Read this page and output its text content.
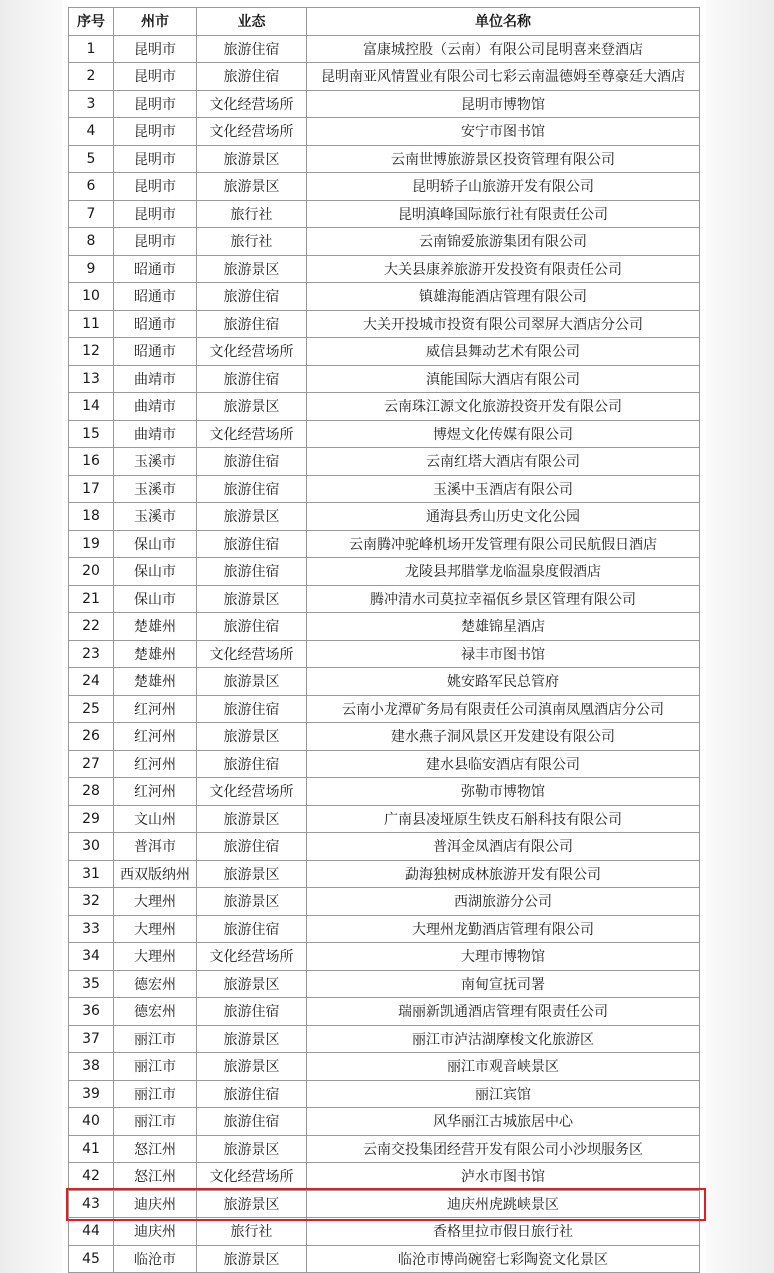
序号	州市	业态	单位名称
1	昆明市	旅游住宿	富康城控股（云南）有限公司昆明喜来登酒店
2	昆明市	旅游住宿	昆明南亚风情置业有限公司七彩云南温德姆至尊豪廷大酒店
3	昆明市	文化经营场所	昆明市博物馆
4	昆明市	文化经营场所	安宁市图书馆
5	昆明市	旅游景区	云南世博旅游景区投资管理有限公司
6	昆明市	旅游景区	昆明轿子山旅游开发有限公司
7	昆明市	旅行社	昆明滇峰国际旅行社有限责任公司
8	昆明市	旅行社	云南锦爱旅游集团有限公司
9	昭通市	旅游景区	大关县康养旅游开发投资有限责任公司
10	昭通市	旅游住宿	镇雄海能酒店管理有限公司
11	昭通市	旅游住宿	大关开投城市投资有限公司翠屏大酒店分公司
12	昭通市	文化经营场所	威信县舞动艺术有限公司
13	曲靖市	旅游住宿	滇能国际大酒店有限公司
14	曲靖市	旅游景区	云南珠江源文化旅游投资开发有限公司
15	曲靖市	文化经营场所	博煜文化传媒有限公司
16	玉溪市	旅游住宿	云南红塔大酒店有限公司
17	玉溪市	旅游住宿	玉溪中玉酒店有限公司
18	玉溪市	旅游景区	通海县秀山历史文化公园
19	保山市	旅游住宿	云南腾冲驼峰机场开发管理有限公司民航假日酒店
20	保山市	旅游住宿	龙陵县邦腊掌龙临温泉度假酒店
21	保山市	旅游景区	腾冲清水司莫拉幸福佤乡景区管理有限公司
22	楚雄州	旅游住宿	楚雄锦星酒店
23	楚雄州	文化经营场所	禄丰市图书馆
24	楚雄州	旅游景区	姚安路军民总管府
25	红河州	旅游住宿	云南小龙潭矿务局有限责任公司滇南凤凰酒店分公司
26	红河州	旅游景区	建水燕子洞风景区开发建设有限公司
27	红河州	旅游住宿	建水县临安酒店有限公司
28	红河州	文化经营场所	弥勒市博物馆
29	文山州	旅游景区	广南县凌垭原生铁皮石斛科技有限公司
30	普洱市	旅游住宿	普洱金凤酒店有限公司
31	西双版纳州	旅游景区	勐海独树成林旅游开发有限公司
32	大理州	旅游景区	西湖旅游分公司
33	大理州	旅游住宿	大理州龙勤酒店管理有限公司
34	大理州	文化经营场所	大理市博物馆
35	德宏州	旅游景区	南甸宣抚司署
36	德宏州	旅游住宿	瑞丽新凯通酒店管理有限责任公司
37	丽江市	旅游景区	丽江市泸沽湖摩梭文化旅游区
38	丽江市	旅游景区	丽江市观音峡景区
39	丽江市	旅游住宿	丽江宾馆
40	丽江市	旅游住宿	风华丽江古城旅居中心
41	怒江州	旅游景区	云南交投集团经营开发有限公司小沙坝服务区
42	怒江州	文化经营场所	泸水市图书馆
43	迪庆州	旅游景区	迪庆州虎跳峡景区
44	迪庆州	旅行社	香格里拉市假日旅行社
45	临沧市	旅游景区	临沧市博尚碗窑七彩陶瓷文化景区
